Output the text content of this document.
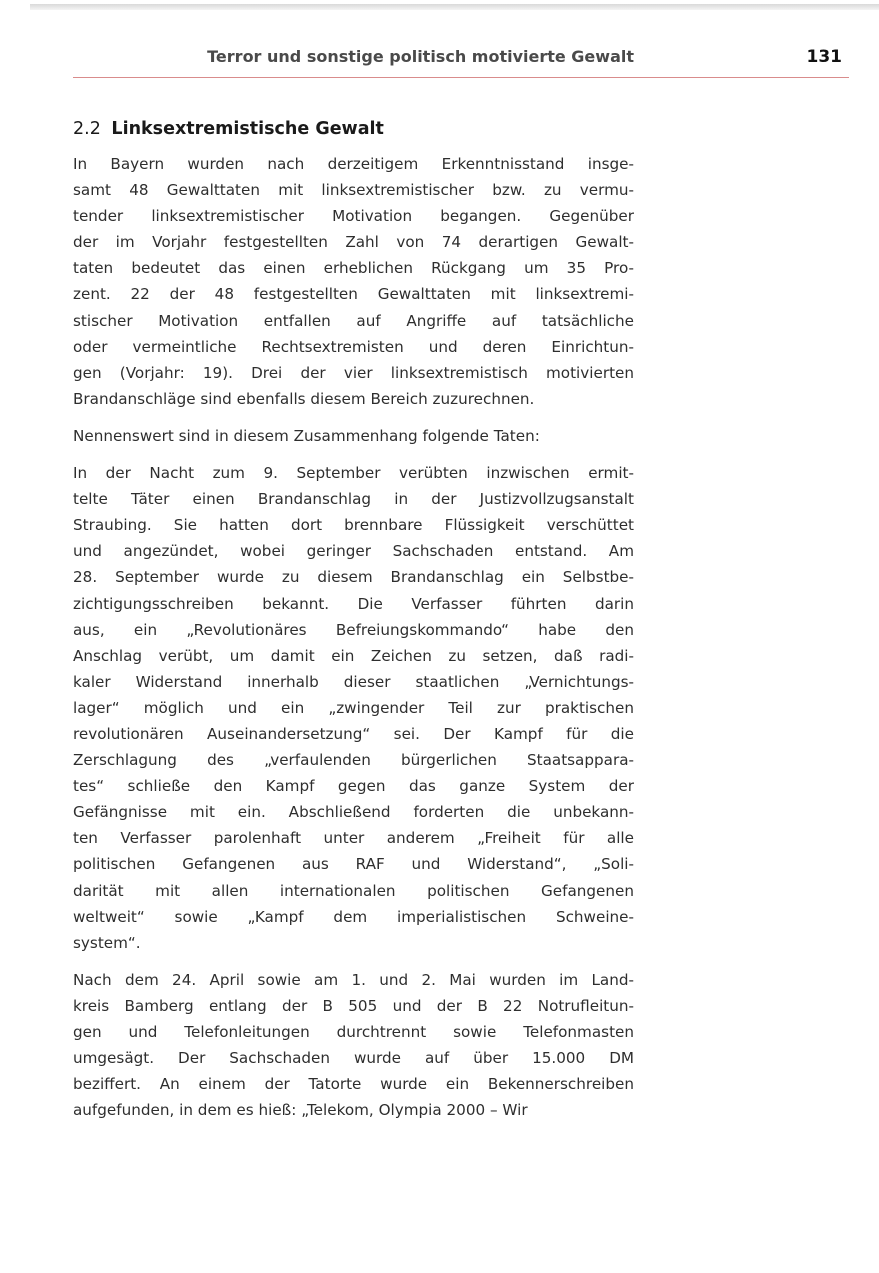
Terror und sonstige politisch motivierte Gewalt	131
2.2 Linksextremistische Gewalt
In Bayern wurden nach derzeitigem Erkenntnisstand insge-
samt 48 Gewalttaten mit linksextremistischer bzw. zu vermu-
tender linksextremistischer Motivation begangen. Gegenüber
der im Vorjahr festgestellten Zahl von 74 derartigen Gewalt-
taten bedeutet das einen erheblichen Rückgang um 35 Pro-
zent. 22 der 48 festgestellten Gewalttaten mit linksextremi-
stischer Motivation entfallen auf Angriffe auf tatsächliche
oder vermeintliche Rechtsextremisten und deren Einrichtun-
gen (Vorjahr: 19). Drei der vier linksextremistisch motivierten
Brandanschläge sind ebenfalls diesem Bereich zuzurechnen.
Nennenswert sind in diesem Zusammenhang folgende Taten:
In der Nacht zum 9. September verübten inzwischen ermit-
telte Täter einen Brandanschlag in der Justizvollzugsanstalt
Straubing. Sie hatten dort brennbare Flüssigkeit verschüttet
und angezündet, wobei geringer Sachschaden entstand. Am
28. September wurde zu diesem Brandanschlag ein Selbstbe-
zichtigungsschreiben bekannt. Die Verfasser führten darin
aus, ein „Revolutionäres Befreiungskommando“ habe den
Anschlag verübt, um damit ein Zeichen zu setzen, daß radi-
kaler Widerstand innerhalb dieser staatlichen „Vernichtungs-
lager“ möglich und ein „zwingender Teil zur praktischen
revolutionären Auseinandersetzung“ sei. Der Kampf für die
Zerschlagung des „verfaulenden bürgerlichen Staatsappara-
tes“ schließe den Kampf gegen das ganze System der
Gefängnisse mit ein. Abschließend forderten die unbekann-
ten Verfasser parolenhaft unter anderem „Freiheit für alle
politischen Gefangenen aus RAF und Widerstand“, „Soli-
darität mit allen internationalen politischen Gefangenen
weltweit“ sowie „Kampf dem imperialistischen Schweine-
system“.
Nach dem 24. April sowie am 1. und 2. Mai wurden im Land-
kreis Bamberg entlang der B 505 und der B 22 Notrufleitun-
gen und Telefonleitungen durchtrennt sowie Telefonmasten
umgesägt. Der Sachschaden wurde auf über 15.000 DM
beziffert. An einem der Tatorte wurde ein Bekennerschreiben
aufgefunden, in dem es hieß: „Telekom, Olympia 2000 – Wir
